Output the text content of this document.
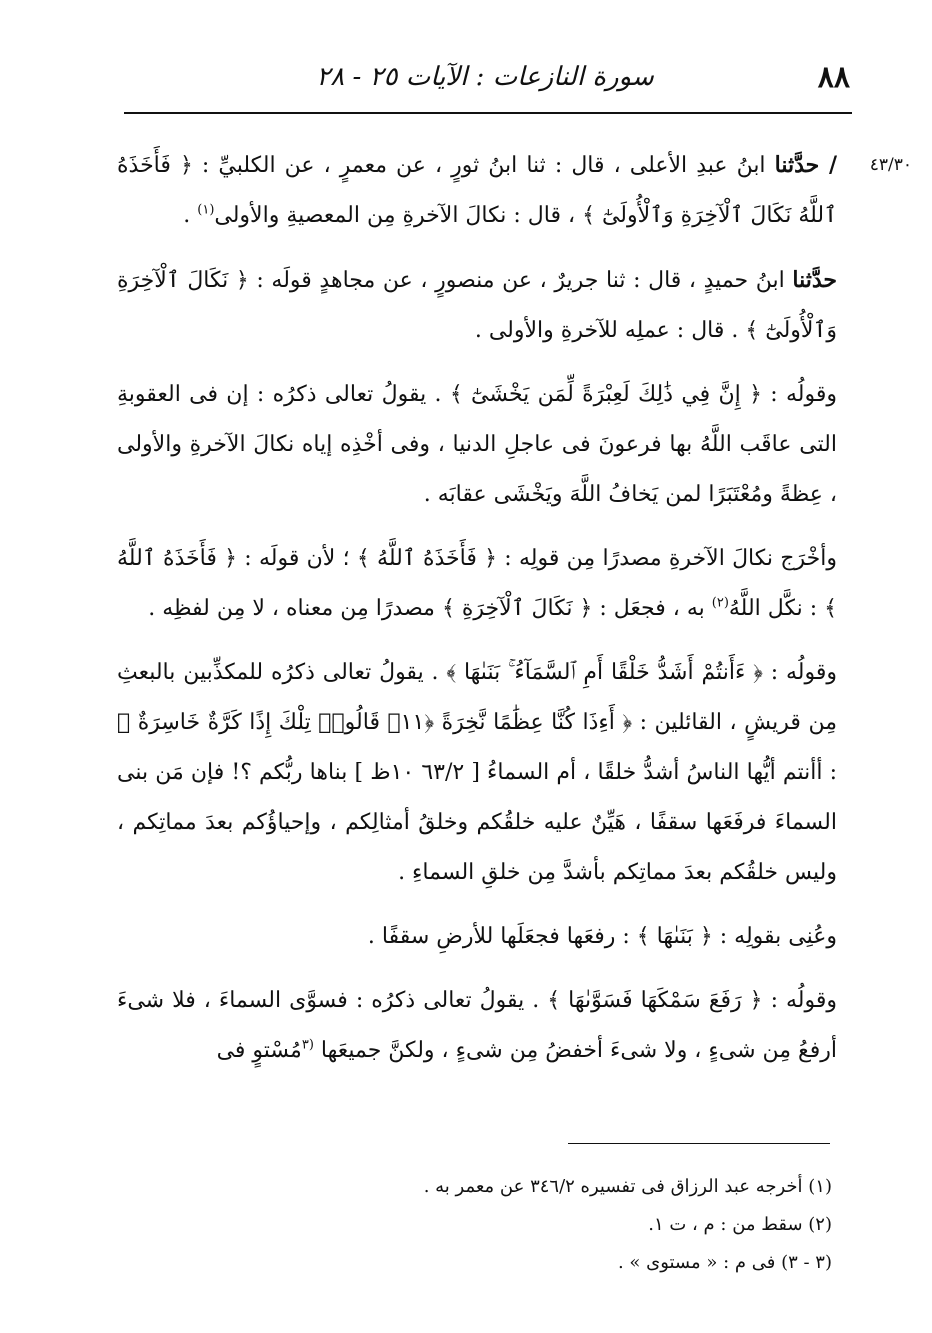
٨٨
سورة النازعات : الآيات ٢٥ - ٢٨
٤٣/٣٠

/ حدَّثنا ابنُ عبدِ الأعلى ، قال : ثنا ابنُ ثورٍ ، عن معمرٍ ، عن الكلبيِّ : ﴿ فَأَخَذَهُ ٱللَّهُ نَكَالَ ٱلْآخِرَةِ وَٱلْأُولَىٰٓ ﴾ ، قال : نكالَ الآخرةِ مِن المعصيةِ والأولى$^{(١)}$ .

حدَّثنا ابنُ حميدٍ ، قال : ثنا جريرٌ ، عن منصورٍ ، عن مجاهدٍ قولَه : ﴿ نَكَالَ ٱلْآخِرَةِ وَٱلْأُولَىٰٓ ﴾ . قال : عملِه للآخرةِ والأولى .

وقولُه : ﴿ إِنَّ فِي ذَٰلِكَ لَعِبْرَةً لِّمَن يَخْشَىٰٓ ﴾ . يقولُ تعالى ذكرُه : إن فى العقوبةِ التى عاقَب اللَّهُ بها فرعونَ فى عاجلِ الدنيا ، وفى أخْذِه إياه نكالَ الآخرةِ والأولى ، عِظةً ومُعْتَبَرًا لمن يَخافُ اللَّهَ ويَخْشَى عقابَه .

وأخْرَج نكالَ الآخرةِ مصدرًا مِن قولِه : ﴿ فَأَخَذَهُ ٱللَّهُ ﴾ ؛ لأن قولَه : ﴿ فَأَخَذَهُ ٱللَّهُ ﴾ : نكَّل اللَّهُ$^{(٢)}$ به ، فجعَل : ﴿ نَكَالَ ٱلْآخِرَةِ ﴾ مصدرًا مِن معناه ، لا مِن لفظِه .

وقولُه : ﴿ ءَأَنتُمْ أَشَدُّ خَلْقًا أَمِ ٱلسَّمَآءُ ۚ بَنَىٰهَا ﴾ . يقولُ تعالى ذكرُه للمكذِّبين بالبعثِ مِن قريشٍ ، القائلين : ﴿ أَءِذَا كُنَّا عِظَٰمًا نَّخِرَةً ﴿١١﴾ قَالُوا۟ تِلْكَ إِذًا كَرَّةٌ خَاسِرَةٌ ﴾ : أأنتم أيُّها الناسُ أشدُّ خلقًا ، أم السماءُ [ ٦٣/٢ ١٠ظ ] بناها ربُّكم ؟! فإن مَن بنى السماءَ فرفَعَها سقفًا ، هَيِّنٌ عليه خلقُكم وخلقُ أمثالِكم ، وإحياؤُكم بعدَ مماتِكم ، وليس خلقُكم بعدَ مماتِكم بأشدَّ مِن خلقِ السماءِ .

وعُنِى بقولِه : ﴿ بَنَىٰهَا ﴾ : رفعَها فجعَلَها للأرضِ سقفًا .

وقولُه : ﴿ رَفَعَ سَمْكَهَا فَسَوَّىٰهَا ﴾ . يقولُ تعالى ذكرُه : فسوَّى السماءَ ، فلا شىءَ أرفعُ مِن شىءٍ ، ولا شىءَ أخفضُ مِن شىءٍ ، ولكنَّ جميعَها $^{(٣}$مُسْتوٍ فى

(١) أخرجه عبد الرزاق فى تفسيره ٣٤٦/٢ عن معمر به .

(٢) سقط من : م ، ت ١.

(٣ - ٣) فى م : « مستوى » .
